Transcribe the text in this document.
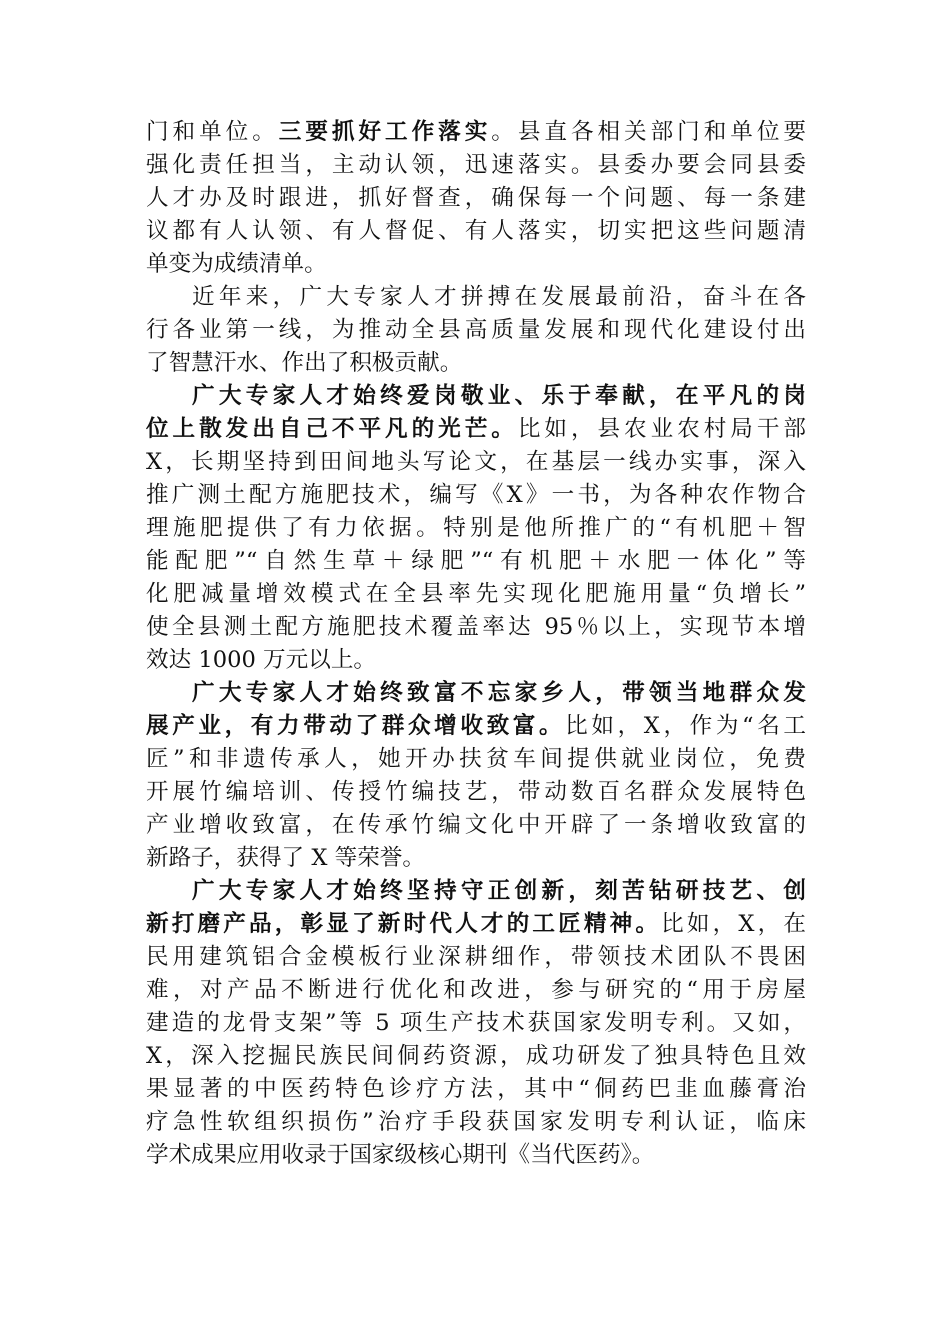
门和单位。三要抓好工作落实。县直各相关部门和单位要
强化责任担当，主动认领，迅速落实。县委办要会同县委
人才办及时跟进，抓好督查，确保每一个问题、每一条建
议都有人认领、有人督促、有人落实，切实把这些问题清
单变为成绩清单。
近年来，广大专家人才拼搏在发展最前沿，奋斗在各
行各业第一线，为推动全县高质量发展和现代化建设付出
了智慧汗水、作出了积极贡献。
广大专家人才始终爱岗敬业、乐于奉献，在平凡的岗
位上散发出自己不平凡的光芒。比如，县农业农村局干部
X，长期坚持到田间地头写论文，在基层一线办实事，深入
推广测土配方施肥技术，编写《X》一书，为各种农作物合
理施肥提供了有力依据。特别是他所推广的“有机肥＋智
能配肥”“自然生草＋绿肥”“有机肥＋水肥一体化”等
化肥减量增效模式在全县率先实现化肥施用量“负增长”
使全县测土配方施肥技术覆盖率达 95％以上，实现节本增
效达 1000 万元以上。
广大专家人才始终致富不忘家乡人，带领当地群众发
展产业，有力带动了群众增收致富。比如，X，作为“名工
匠”和非遗传承人，她开办扶贫车间提供就业岗位，免费
开展竹编培训、传授竹编技艺，带动数百名群众发展特色
产业增收致富，在传承竹编文化中开辟了一条增收致富的
新路子，获得了 X 等荣誉。
广大专家人才始终坚持守正创新，刻苦钻研技艺、创
新打磨产品，彰显了新时代人才的工匠精神。比如，X，在
民用建筑铝合金模板行业深耕细作，带领技术团队不畏困
难，对产品不断进行优化和改进，参与研究的“用于房屋
建造的龙骨支架”等 5 项生产技术获国家发明专利。又如，
X，深入挖掘民族民间侗药资源，成功研发了独具特色且效
果显著的中医药特色诊疗方法，其中“侗药巴韭血藤膏治
疗急性软组织损伤”治疗手段获国家发明专利认证，临床
学术成果应用收录于国家级核心期刊《当代医药》。
